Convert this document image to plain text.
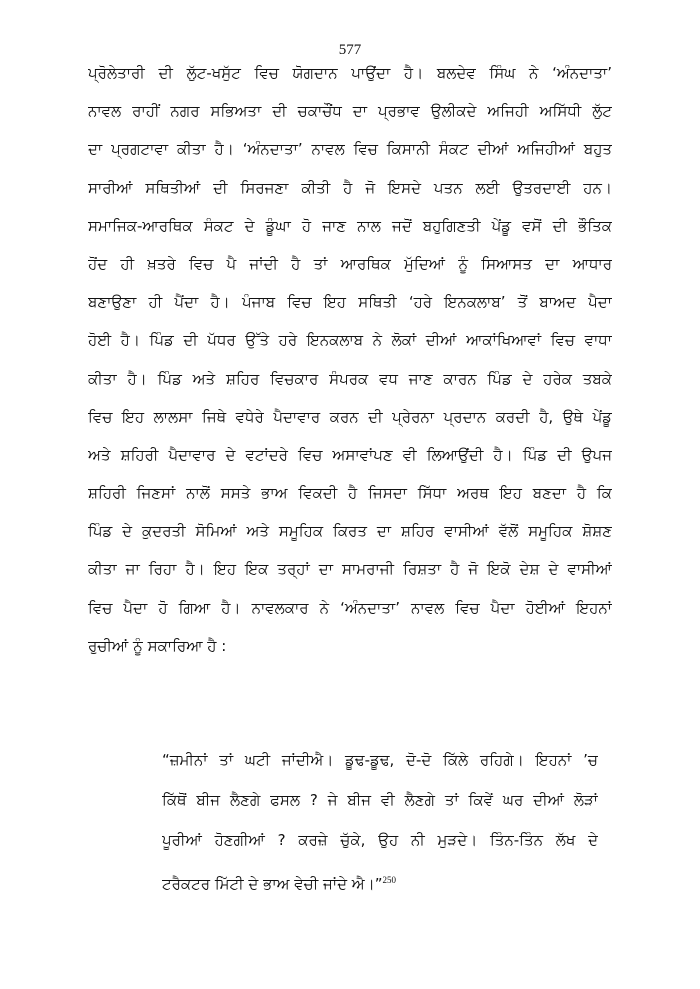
577
ਪ੍ਰੋਲੇਤਾਰੀ ਦੀ ਲੁੱਟ-ਖਸੁੱਟ ਵਿਚ ਯੋਗਦਾਨ ਪਾਉਂਦਾ ਹੈ। ਬਲਦੇਵ ਸਿੰਘ ਨੇ ‘ਅੰਨਦਾਤਾ’
ਨਾਵਲ ਰਾਹੀਂ ਨਗਰ ਸਭਿਅਤਾ ਦੀ ਚਕਾਚੌਂਧ ਦਾ ਪ੍ਰਭਾਵ ਉਲੀਕਦੇ ਅਜਿਹੀ ਅਸਿੱਧੀ ਲੁੱਟ
ਦਾ ਪ੍ਰਗਟਾਵਾ ਕੀਤਾ ਹੈ। ‘ਅੰਨਦਾਤਾ’ ਨਾਵਲ ਵਿਚ ਕਿਸਾਨੀ ਸੰਕਟ ਦੀਆਂ ਅਜਿਹੀਆਂ ਬਹੁਤ
ਸਾਰੀਆਂ ਸਥਿਤੀਆਂ ਦੀ ਸਿਰਜਣਾ ਕੀਤੀ ਹੈ ਜੋ ਇਸਦੇ ਪਤਨ ਲਈ ਉਤਰਦਾਈ ਹਨ।
ਸਮਾਜਿਕ-ਆਰਥਿਕ ਸੰਕਟ ਦੇ ਡੂੰਘਾ ਹੋ ਜਾਣ ਨਾਲ ਜਦੋਂ ਬਹੁਗਿਣਤੀ ਪੇਂਡੂ ਵਸੋਂ ਦੀ ਭੌਤਿਕ
ਹੋਂਦ ਹੀ ਖ਼ਤਰੇ ਵਿਚ ਪੈ ਜਾਂਦੀ ਹੈ ਤਾਂ ਆਰਥਿਕ ਮੁੱਦਿਆਂ ਨੂੰ ਸਿਆਸਤ ਦਾ ਆਧਾਰ
ਬਣਾਉਣਾ ਹੀ ਪੈਂਦਾ ਹੈ। ਪੰਜਾਬ ਵਿਚ ਇਹ ਸਥਿਤੀ ‘ਹਰੇ ਇਨਕਲਾਬ’ ਤੋਂ ਬਾਅਦ ਪੈਦਾ
ਹੋਈ ਹੈ। ਪਿੰਡ ਦੀ ਪੱਧਰ ਉੱਤੇ ਹਰੇ ਇਨਕਲਾਬ ਨੇ ਲੋਕਾਂ ਦੀਆਂ ਆਕਾਂਖਿਆਵਾਂ ਵਿਚ ਵਾਧਾ
ਕੀਤਾ ਹੈ। ਪਿੰਡ ਅਤੇ ਸ਼ਹਿਰ ਵਿਚਕਾਰ ਸੰਪਰਕ ਵਧ ਜਾਣ ਕਾਰਨ ਪਿੰਡ ਦੇ ਹਰੇਕ ਤਬਕੇ
ਵਿਚ ਇਹ ਲਾਲਸਾ ਜਿਥੇ ਵਧੇਰੇ ਪੈਦਾਵਾਰ ਕਰਨ ਦੀ ਪ੍ਰੇਰਨਾ ਪ੍ਰਦਾਨ ਕਰਦੀ ਹੈ, ਉਥੇ ਪੇਂਡੂ
ਅਤੇ ਸ਼ਹਿਰੀ ਪੈਦਾਵਾਰ ਦੇ ਵਟਾਂਦਰੇ ਵਿਚ ਅਸਾਵਾਂਪਣ ਵੀ ਲਿਆਉਂਦੀ ਹੈ। ਪਿੰਡ ਦੀ ਉਪਜ
ਸ਼ਹਿਰੀ ਜਿਣਸਾਂ ਨਾਲੋਂ ਸਸਤੇ ਭਾਅ ਵਿਕਦੀ ਹੈ ਜਿਸਦਾ ਸਿੱਧਾ ਅਰਥ ਇਹ ਬਣਦਾ ਹੈ ਕਿ
ਪਿੰਡ ਦੇ ਕੁਦਰਤੀ ਸੋਮਿਆਂ ਅਤੇ ਸਮੂਹਿਕ ਕਿਰਤ ਦਾ ਸ਼ਹਿਰ ਵਾਸੀਆਂ ਵੱਲੋਂ ਸਮੂਹਿਕ ਸ਼ੋਸ਼ਣ
ਕੀਤਾ ਜਾ ਰਿਹਾ ਹੈ। ਇਹ ਇਕ ਤਰ੍ਹਾਂ ਦਾ ਸਾਮਰਾਜੀ ਰਿਸ਼ਤਾ ਹੈ ਜੋ ਇਕੋ ਦੇਸ਼ ਦੇ ਵਾਸੀਆਂ
ਵਿਚ ਪੈਦਾ ਹੋ ਗਿਆ ਹੈ। ਨਾਵਲਕਾਰ ਨੇ ‘ਅੰਨਦਾਤਾ’ ਨਾਵਲ ਵਿਚ ਪੈਦਾ ਹੋਈਆਂ ਇਹਨਾਂ
ਰੁਚੀਆਂ ਨੂੰ ਸਕਾਰਿਆ ਹੈ :
“ਜ਼ਮੀਨਾਂ ਤਾਂ ਘਟੀ ਜਾਂਦੀਐ। ਡੂਢ-ਡੂਢ, ਦੋ-ਦੋ ਕਿੱਲੇ ਰਹਿਗੇ। ਇਹਨਾਂ ’ਚ
ਕਿੱਥੋਂ ਬੀਜ ਲੈਣਗੇ ਫਸਲ ? ਜੇ ਬੀਜ ਵੀ ਲੈਣਗੇ ਤਾਂ ਕਿਵੇਂ ਘਰ ਦੀਆਂ ਲੋੜਾਂ
ਪੂਰੀਆਂ ਹੋਣਗੀਆਂ ? ਕਰਜ਼ੇ ਚੁੱਕੇ, ਉਹ ਨੀ ਮੁੜਦੇ। ਤਿੰਨ-ਤਿੰਨ ਲੱਖ ਦੇ
ਟਰੈਕਟਰ ਮਿੱਟੀ ਦੇ ਭਾਅ ਵੇਚੀ ਜਾਂਦੇ ਐ।”$^{250}$
